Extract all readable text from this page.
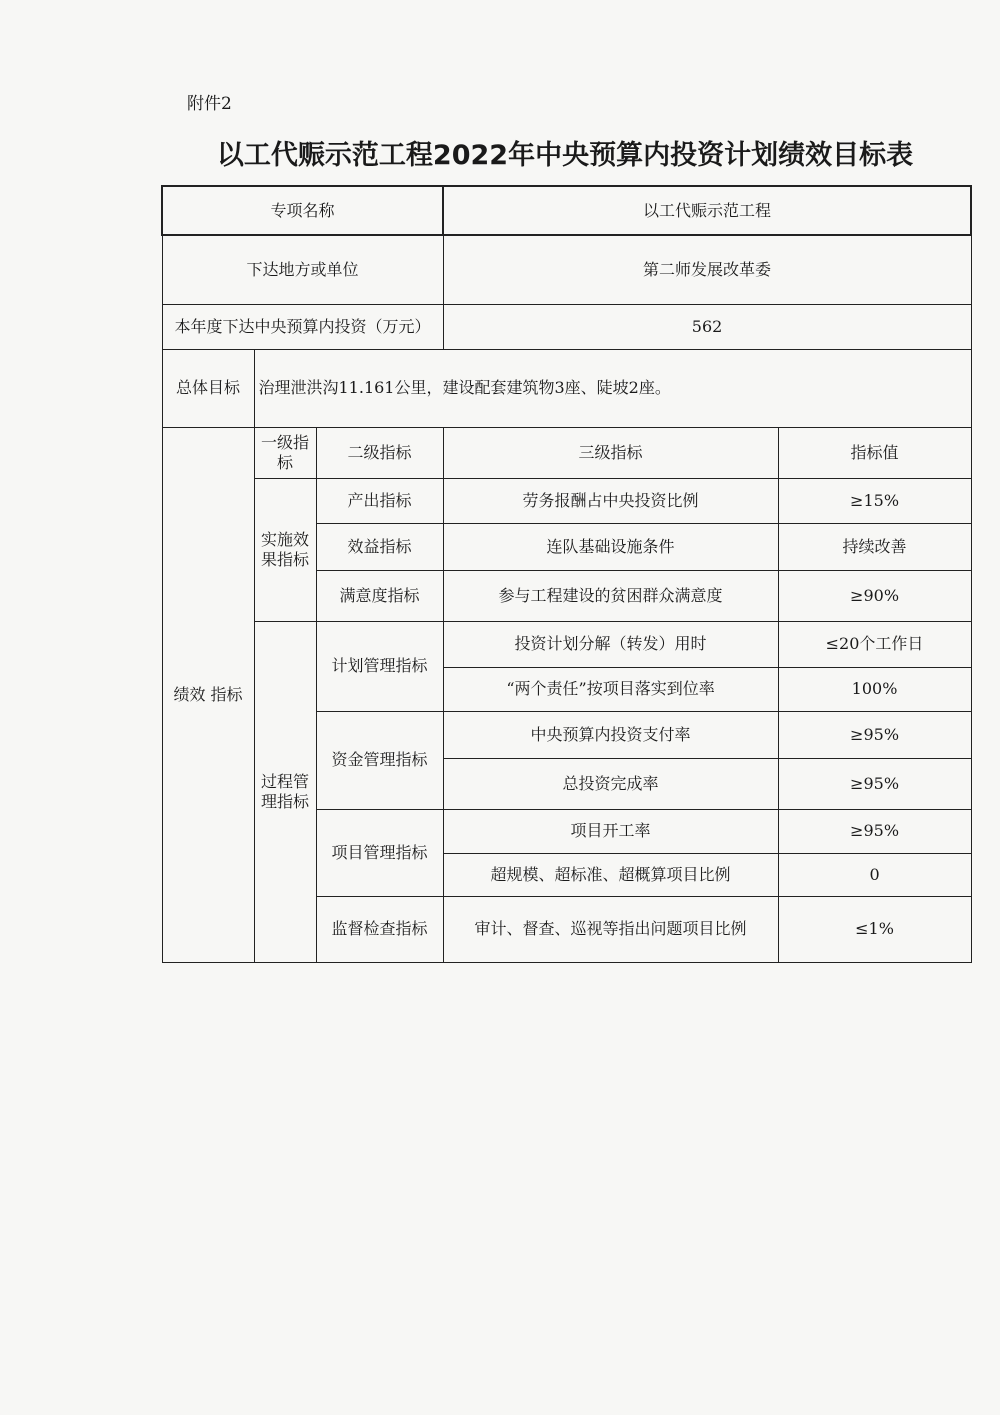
附件2
以工代赈示范工程2022年中央预算内投资计划绩效目标表
专项名称			以工代赈示范工程	
下达地方或单位			第二师发展改革委	
本年度下达中央预算内投资（万元）			562	
总体目标	治理泄洪沟11.161公里，建设配套建筑物3座、陡坡2座。			
绩效 指标	一级指标	二级指标	三级指标	指标值
	实施效果指标	产出指标	劳务报酬占中央投资比例	≥15%
		效益指标	连队基础设施条件	持续改善
		满意度指标	参与工程建设的贫困群众满意度	≥90%
	过程管理指标	计划管理指标	投资计划分解（转发）用时	≤20个工作日
			“两个责任”按项目落实到位率	100%
		资金管理指标	中央预算内投资支付率	≥95%
			总投资完成率	≥95%
		项目管理指标	项目开工率	≥95%
			超规模、超标准、超概算项目比例	0
		监督检查指标	审计、督查、巡视等指出问题项目比例	≤1%
